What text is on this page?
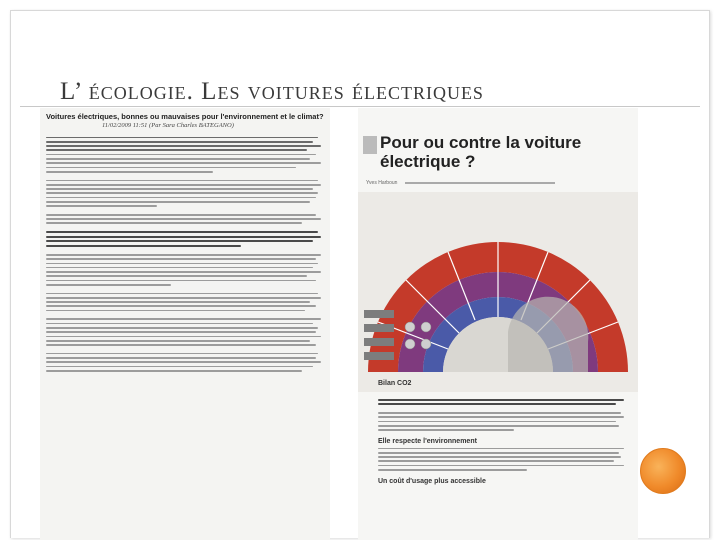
L’ écologie. Les voitures électriques
Voitures électriques, bonnes ou mauvaises pour l'environnement et le climat?
11/02/2009 11:51 (Par Sara Charles BATEGANO)
Pour ou contre la voiture
électrique ?
Yves Harboun
Bilan CO2
Elle respecte l'environnement
Un coût d'usage plus accessible
